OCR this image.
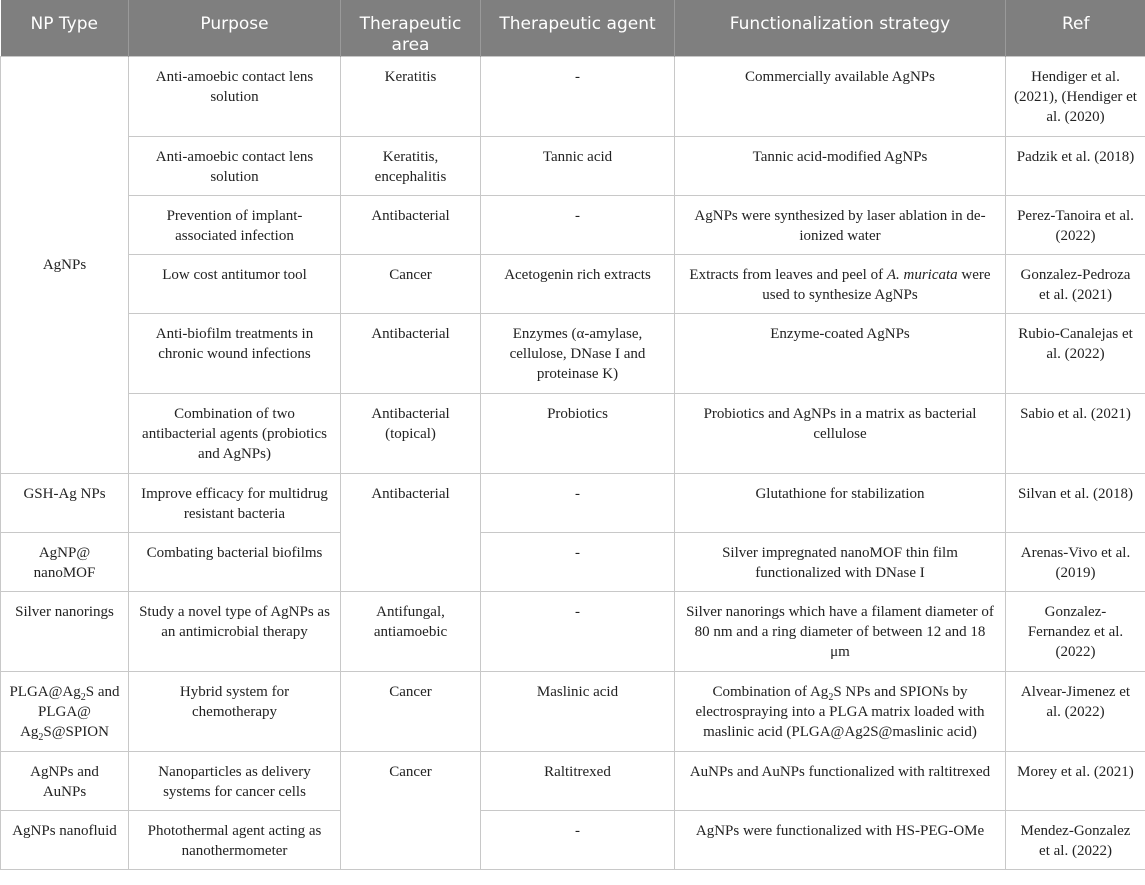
NP Type	Purpose	Therapeutic area	Therapeutic agent	Functionalization strategy	Ref
AgNPs	Anti-amoebic contact lens solution	Keratitis	-	Commercially available AgNPs	Hendiger et al. (2021), (Hendiger et al. (2020)
	Anti-amoebic contact lens solution	Keratitis, encephalitis	Tannic acid	Tannic acid-modified AgNPs	Padzik et al. (2018)
	Prevention of implant-associated infection	Antibacterial	-	AgNPs were synthesized by laser ablation in de-ionized water	Perez-Tanoira et al. (2022)
	Low cost antitumor tool	Cancer	Acetogenin rich extracts	Extracts from leaves and peel of A. muricata were used to synthesize AgNPs	Gonzalez-Pedroza et al. (2021)
	Anti-biofilm treatments in chronic wound infections	Antibacterial	Enzymes (α-amylase, cellulose, DNase I and proteinase K)	Enzyme-coated AgNPs	Rubio-Canalejas et al. (2022)
	Combination of two antibacterial agents (probiotics and AgNPs)	Antibacterial (topical)	Probiotics	Probiotics and AgNPs in a matrix as bacterial cellulose	Sabio et al. (2021)
GSH-Ag NPs	Improve efficacy for multidrug resistant bacteria	Antibacterial	-	Glutathione for stabilization	Silvan et al. (2018)
AgNP@ nanoMOF	Combating bacterial biofilms		-	Silver impregnated nanoMOF thin film functionalized with DNase I	Arenas-Vivo et al. (2019)
Silver nanorings	Study a novel type of AgNPs as an antimicrobial therapy	Antifungal, antiamoebic	-	Silver nanorings which have a filament diameter of 80 nm and a ring diameter of between 12 and 18 μm	Gonzalez-Fernandez et al. (2022)
$PLGA@Ag_2S$ and PLGA@ $Ag_2S@SPION$	Hybrid system for chemotherapy	Cancer	Maslinic acid	Combination of $Ag_2S$ NPs and SPIONs by electrospraying into a PLGA matrix loaded with maslinic acid (PLGA@Ag2S@maslinic acid)	Alvear-Jimenez et al. (2022)
AgNPs and AuNPs	Nanoparticles as delivery systems for cancer cells	Cancer	Raltitrexed	AuNPs and AuNPs functionalized with raltitrexed	Morey et al. (2021)
AgNPs nanofluid	Photothermal agent acting as nanothermometer		-	AgNPs were functionalized with HS-PEG-OMe	Mendez-Gonzalez et al. (2022)
